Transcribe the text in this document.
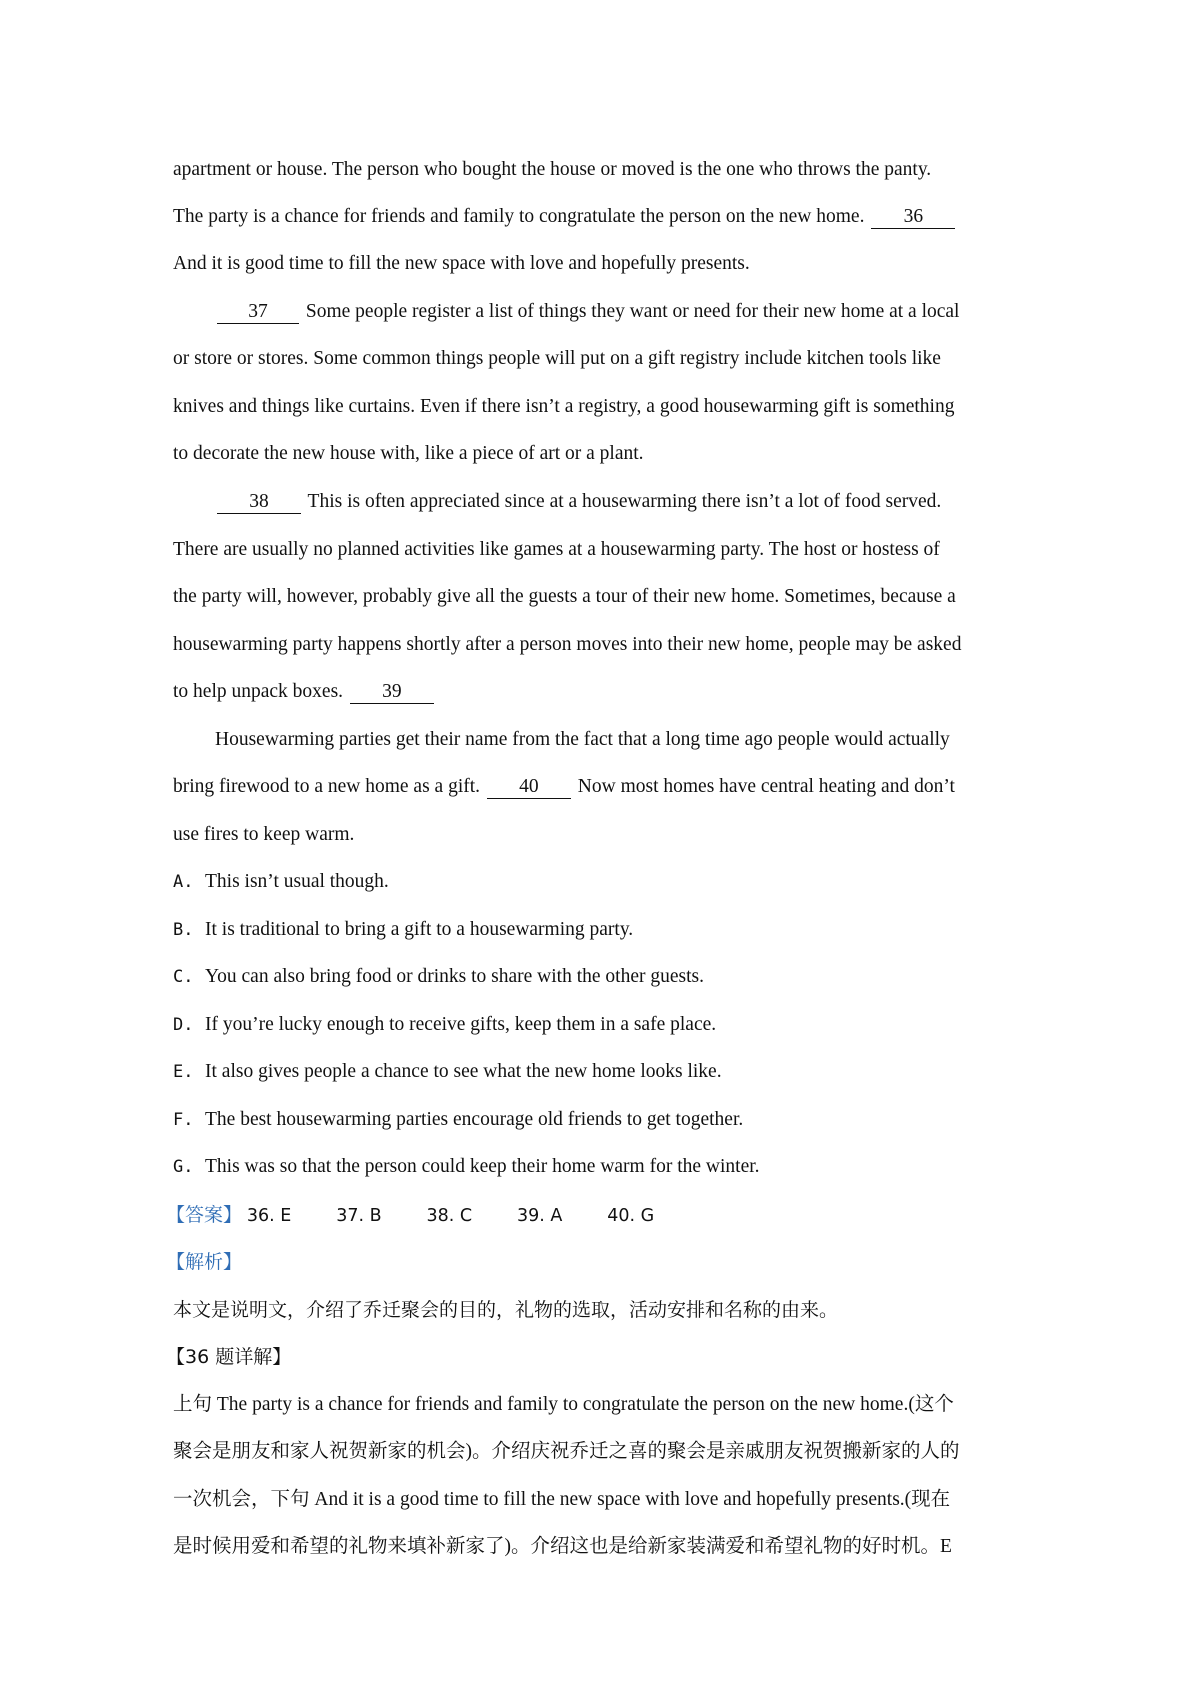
apartment or house. The person who bought the house or moved is the one who throws the panty.
The party is a chance for friends and family to congratulate the person on the new home. 36
And it is good time to fill the new space with love and hopefully presents.
37 Some people register a list of things they want or need for their new home at a local
or store or stores. Some common things people will put on a gift registry include kitchen tools like
knives and things like curtains. Even if there isn’t a registry, a good housewarming gift is something
to decorate the new house with, like a piece of art or a plant.
38 This is often appreciated since at a housewarming there isn’t a lot of food served.
There are usually no planned activities like games at a housewarming party. The host or hostess of
the party will, however, probably give all the guests a tour of their new home. Sometimes, because a
housewarming party happens shortly after a person moves into their new home, people may be asked
to help unpack boxes. 39
Housewarming parties get their name from the fact that a long time ago people would actually
bring firewood to a new home as a gift. 40 Now most homes have central heating and don’t
use fires to keep warm.
A. This isn’t usual though.
B. It is traditional to bring a gift to a housewarming party.
C. You can also bring food or drinks to share with the other guests.
D. If you’re lucky enough to receive gifts, keep them in a safe place.
E. It also gives people a chance to see what the new home looks like.
F. The best housewarming parties encourage old friends to get together.
G. This was so that the person could keep their home warm for the winter.
【答案】 36. E	37. B	38. C	39. A	40. G
【解析】
本文是说明文，介绍了乔迁聚会的目的，礼物的选取，活动安排和名称的由来。
【36 题详解】
上句 The party is a chance for friends and family to congratulate the person on the new home.(这个
聚会是朋友和家人祝贺新家的机会)。介绍庆祝乔迁之喜的聚会是亲戚朋友祝贺搬新家的人的
一次机会，下句 And it is a good time to fill the new space with love and hopefully presents.(现在
是时候用爱和希望的礼物来填补新家了)。介绍这也是给新家装满爱和希望礼物的好时机。E
